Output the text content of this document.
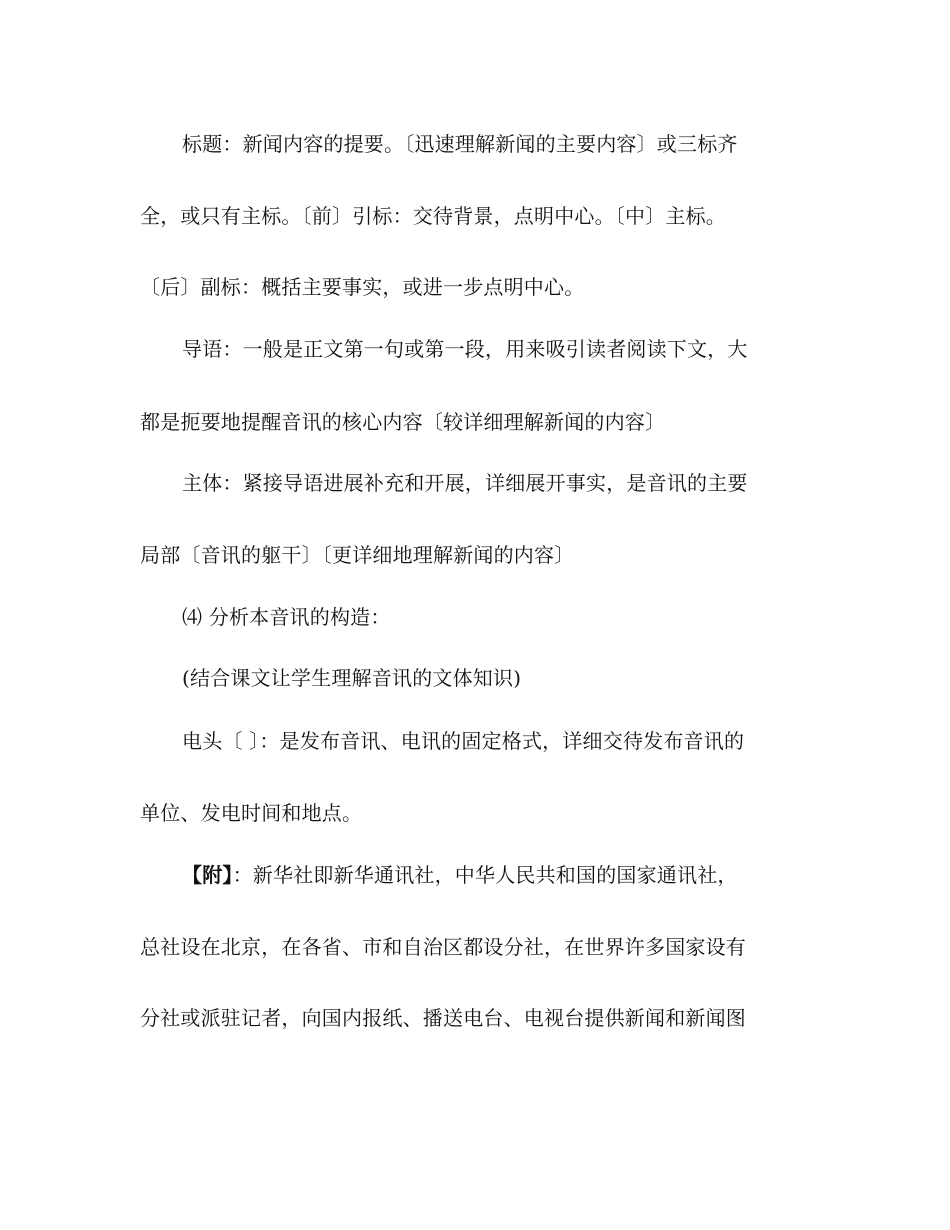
标题：新闻内容的提要。〔迅速理解新闻的主要内容〕或三标齐
全，或只有主标。〔前〕引标：交待背景，点明中心。〔中〕主标。
〔后〕副标：概括主要事实，或进一步点明中心。
导语：一般是正文第一句或第一段，用来吸引读者阅读下文，大
都是扼要地提醒音讯的核心内容〔较详细理解新闻的内容〕
主体：紧接导语进展补充和开展，详细展开事实，是音讯的主要
局部〔音讯的躯干〕〔更详细地理解新闻的内容〕
⑷ 分析本音讯的构造：
(结合课文让学生理解音讯的文体知识)
电头〔 〕：是发布音讯、电讯的固定格式，详细交待发布音讯的
单位、发电时间和地点。
【附】：新华社即新华通讯社，中华人民共和国的国家通讯社，
总社设在北京，在各省、市和自治区都设分社，在世界许多国家设有
分社或派驻记者，向国内报纸、播送电台、电视台提供新闻和新闻图
